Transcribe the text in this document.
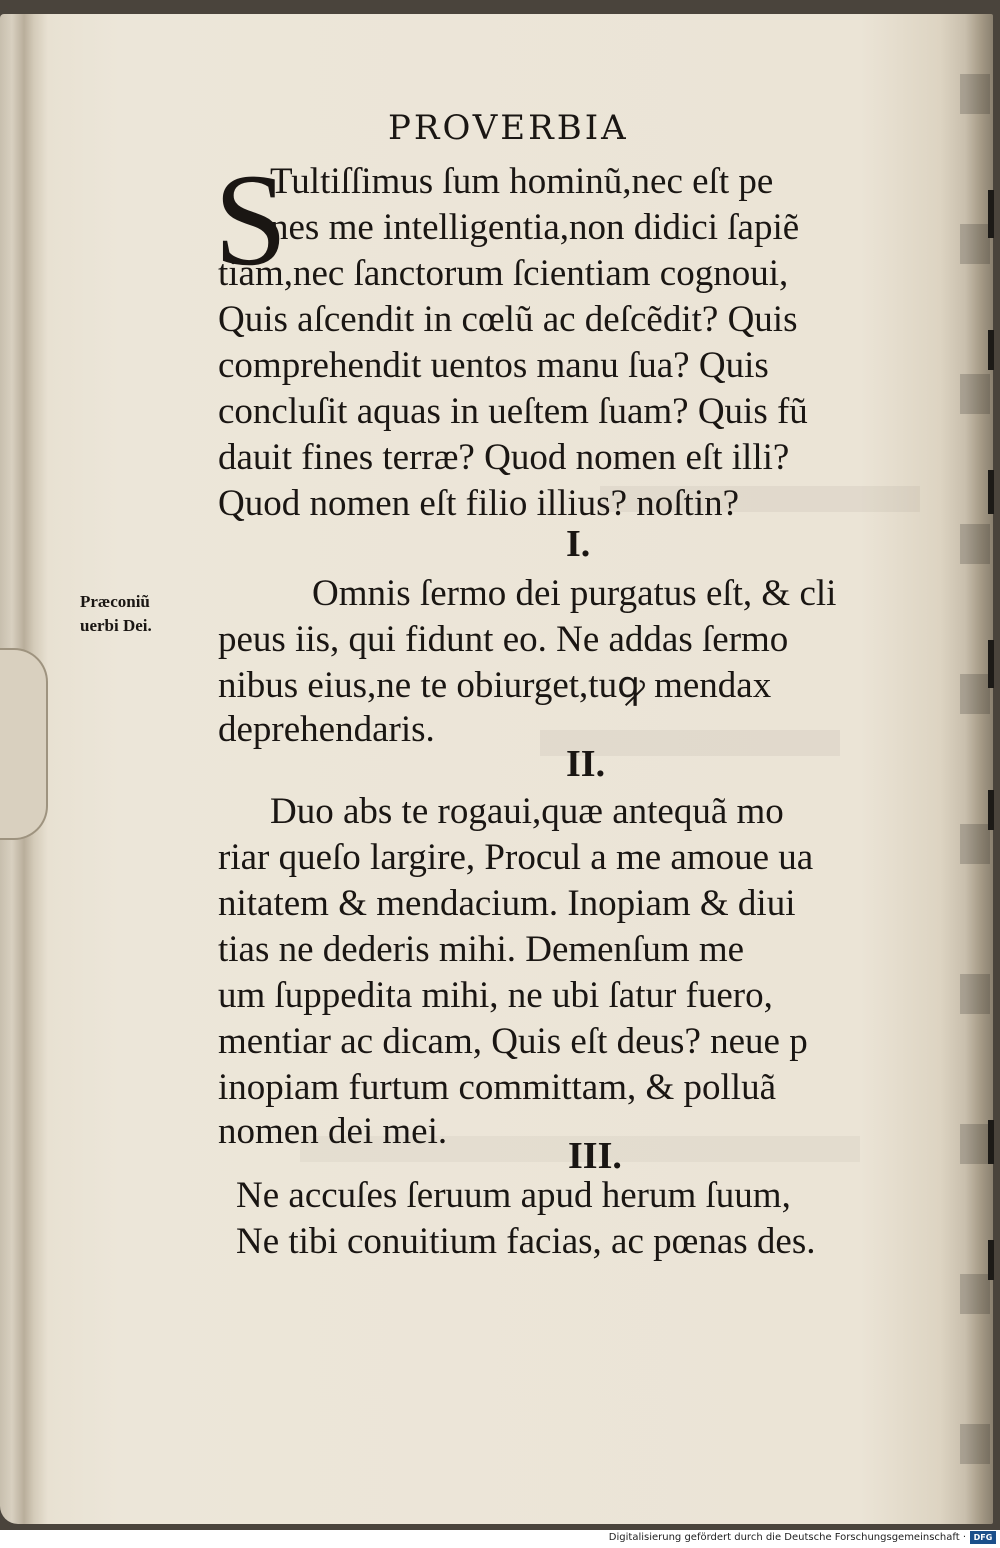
PROVERBIA
S
Tultiſſimus ſum hominũ,nec eſt pe
nes me intelligentia,non didici ſapiẽ
tiam,nec ſanctorum ſcientiam cognoui,
Quis aſcendit in cœlũ ac deſcẽdit? Quis
comprehendit uentos manu ſua? Quis
concluſit aquas in ueſtem ſuam? Quis fũ
dauit fines terræ? Quod nomen eſt illi?
Quod nomen eſt filio illius? noſtin?
I.
Omnis ſermo dei purgatus eſt, & cli
peus iis, qui fidunt eo. Ne addas ſermo
nibus eius,ne te obiurget,tuꝙ mendax
deprehendaris.
Præconiũ
uerbi Dei.
II.
Duo abs te rogaui,quæ antequã mo
riar queſo largire, Procul a me amoue ua
nitatem & mendacium. Inopiam & diui
tias ne dederis mihi. Demenſum me
um ſuppedita mihi, ne ubi ſatur fuero,
mentiar ac dicam, Quis eſt deus? neue p
inopiam furtum committam, & polluã
nomen dei mei.
III.
Ne accuſes ſeruum apud herum ſuum,
Ne tibi conuitium facias, ac pœnas des.
Digitalisierung gefördert durch die Deutsche Forschungsgemeinschaft · DFG
